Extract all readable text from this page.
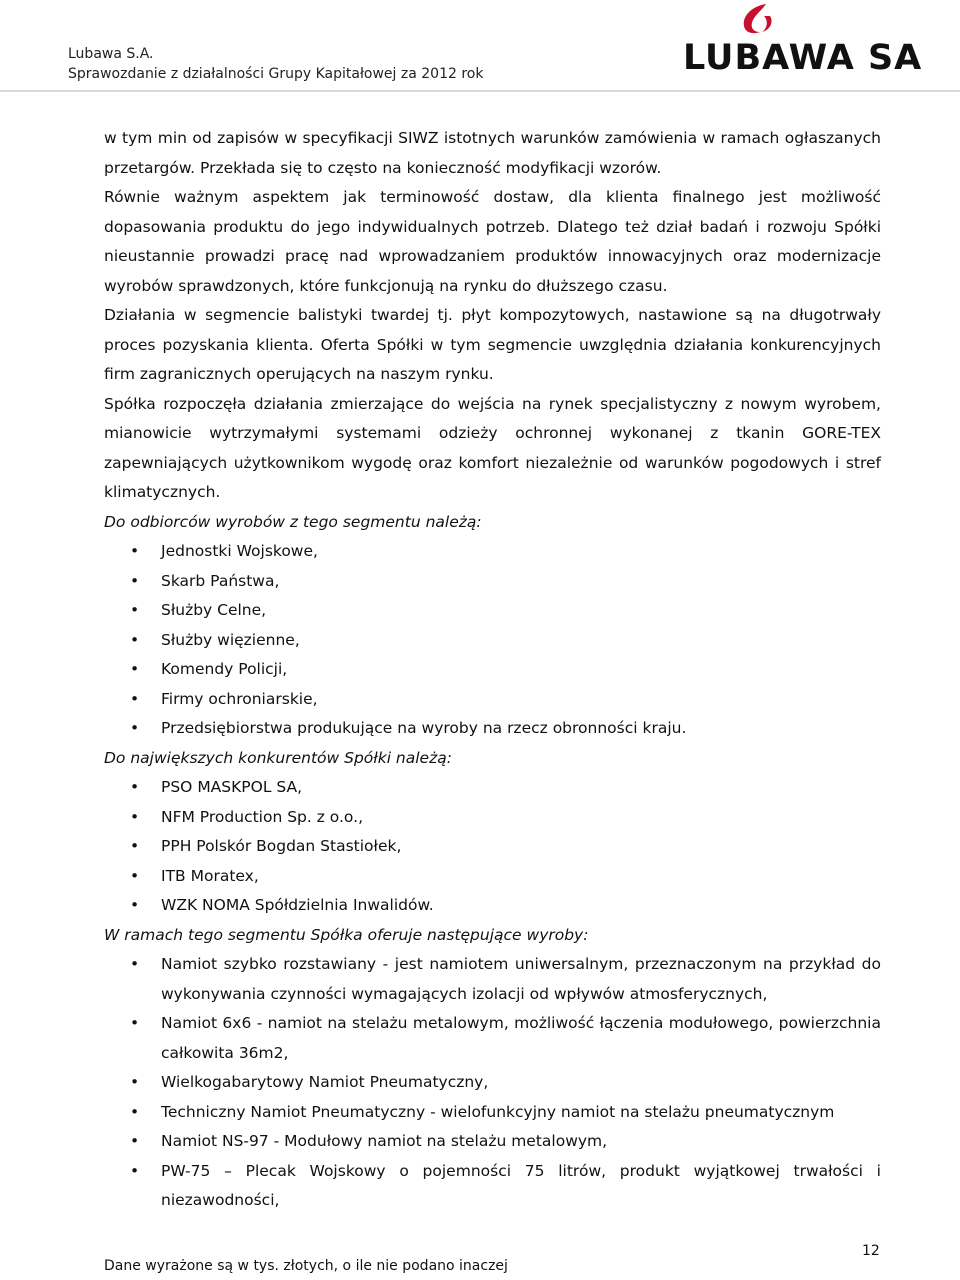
Lubawa S.A.
Sprawozdanie z działalności Grupy Kapitałowej za 2012 rok	LUBAWA SA

w tym min od zapisów w specyfikacji SIWZ istotnych warunków zamówienia w ramach ogłaszanych przetargów. Przekłada się to często na konieczność modyfikacji wzorów.

Równie ważnym aspektem jak terminowość dostaw, dla klienta finalnego jest możliwość dopasowania produktu do jego indywidualnych potrzeb. Dlatego też dział badań i rozwoju Spółki nieustannie prowadzi pracę nad wprowadzaniem produktów innowacyjnych oraz modernizacje wyrobów sprawdzonych, które funkcjonują na rynku do dłuższego czasu.

Działania w segmencie balistyki twardej tj. płyt kompozytowych, nastawione są na długotrwały proces pozyskania klienta. Oferta Spółki w tym segmencie uwzględnia działania konkurencyjnych firm zagranicznych operujących na naszym rynku.

Spółka rozpoczęła działania zmierzające do wejścia na rynek specjalistyczny z nowym wyrobem, mianowicie wytrzymałymi systemami odzieży ochronnej wykonanej z tkanin GORE-TEX zapewniających użytkownikom wygodę oraz komfort niezależnie od warunków pogodowych i stref klimatycznych.

Do odbiorców wyrobów z tego segmentu należą:

• Jednostki Wojskowe,
• Skarb Państwa,
• Służby Celne,
• Służby więzienne,
• Komendy Policji,
• Firmy ochroniarskie,
• Przedsiębiorstwa produkujące na wyroby na rzecz obronności kraju.

Do największych konkurentów Spółki należą:

• PSO MASKPOL SA,
• NFM Production Sp. z o.o.,
• PPH Polskór Bogdan Stastiołek,
• ITB Moratex,
• WZK NOMA Spółdzielnia Inwalidów.

W ramach tego segmentu Spółka oferuje następujące wyroby:

• Namiot szybko rozstawiany - jest namiotem uniwersalnym, przeznaczonym na przykład do wykonywania czynności wymagających izolacji od wpływów atmosferycznych,
• Namiot 6x6 - namiot na stelażu metalowym, możliwość łączenia modułowego, powierzchnia całkowita 36m2,
• Wielkogabarytowy Namiot Pneumatyczny,
• Techniczny Namiot Pneumatyczny - wielofunkcyjny namiot na stelażu pneumatycznym
• Namiot NS-97 - Modułowy namiot na stelażu metalowym,
• PW-75 – Plecak Wojskowy o pojemności 75 litrów, produkt wyjątkowej trwałości i niezawodności,
12
Dane wyrażone są w tys. złotych, o ile nie podano inaczej
